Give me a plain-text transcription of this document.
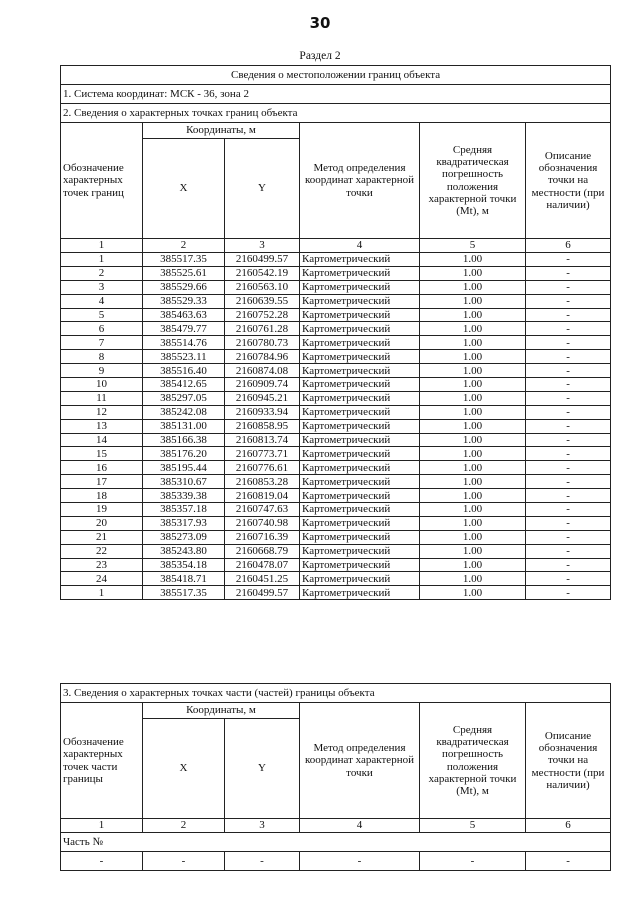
30
Раздел 2
Сведения о местоположении границ объекта					
1. Система координат: МСК - 36, зона 2					
2. Сведения о характерных точках границ объекта					
Обозначение характерных точек границ	Координаты, м		Метод определения координат характерной точки	Средняя квадратическая погрешность положения характерной точки (Mt), м	Описание обозначения точки на местности (при наличии)
	X	Y			
1	2	3	4	5	6
1	385517.35	2160499.57	Картометрический	1.00	-
2	385525.61	2160542.19	Картометрический	1.00	-
3	385529.66	2160563.10	Картометрический	1.00	-
4	385529.33	2160639.55	Картометрический	1.00	-
5	385463.63	2160752.28	Картометрический	1.00	-
6	385479.77	2160761.28	Картометрический	1.00	-
7	385514.76	2160780.73	Картометрический	1.00	-
8	385523.11	2160784.96	Картометрический	1.00	-
9	385516.40	2160874.08	Картометрический	1.00	-
10	385412.65	2160909.74	Картометрический	1.00	-
11	385297.05	2160945.21	Картометрический	1.00	-
12	385242.08	2160933.94	Картометрический	1.00	-
13	385131.00	2160858.95	Картометрический	1.00	-
14	385166.38	2160813.74	Картометрический	1.00	-
15	385176.20	2160773.71	Картометрический	1.00	-
16	385195.44	2160776.61	Картометрический	1.00	-
17	385310.67	2160853.28	Картометрический	1.00	-
18	385339.38	2160819.04	Картометрический	1.00	-
19	385357.18	2160747.63	Картометрический	1.00	-
20	385317.93	2160740.98	Картометрический	1.00	-
21	385273.09	2160716.39	Картометрический	1.00	-
22	385243.80	2160668.79	Картометрический	1.00	-
23	385354.18	2160478.07	Картометрический	1.00	-
24	385418.71	2160451.25	Картометрический	1.00	-
1	385517.35	2160499.57	Картометрический	1.00	-
3. Сведения о характерных точках части (частей) границы объекта					
Обозначение характерных точек части границы	Координаты, м		Метод определения координат характерной точки	Средняя квадратическая погрешность положения характерной точки (Mt), м	Описание обозначения точки на местности (при наличии)
	X	Y			
1	2	3	4	5	6
Часть №					
-	-	-	-	-	-
